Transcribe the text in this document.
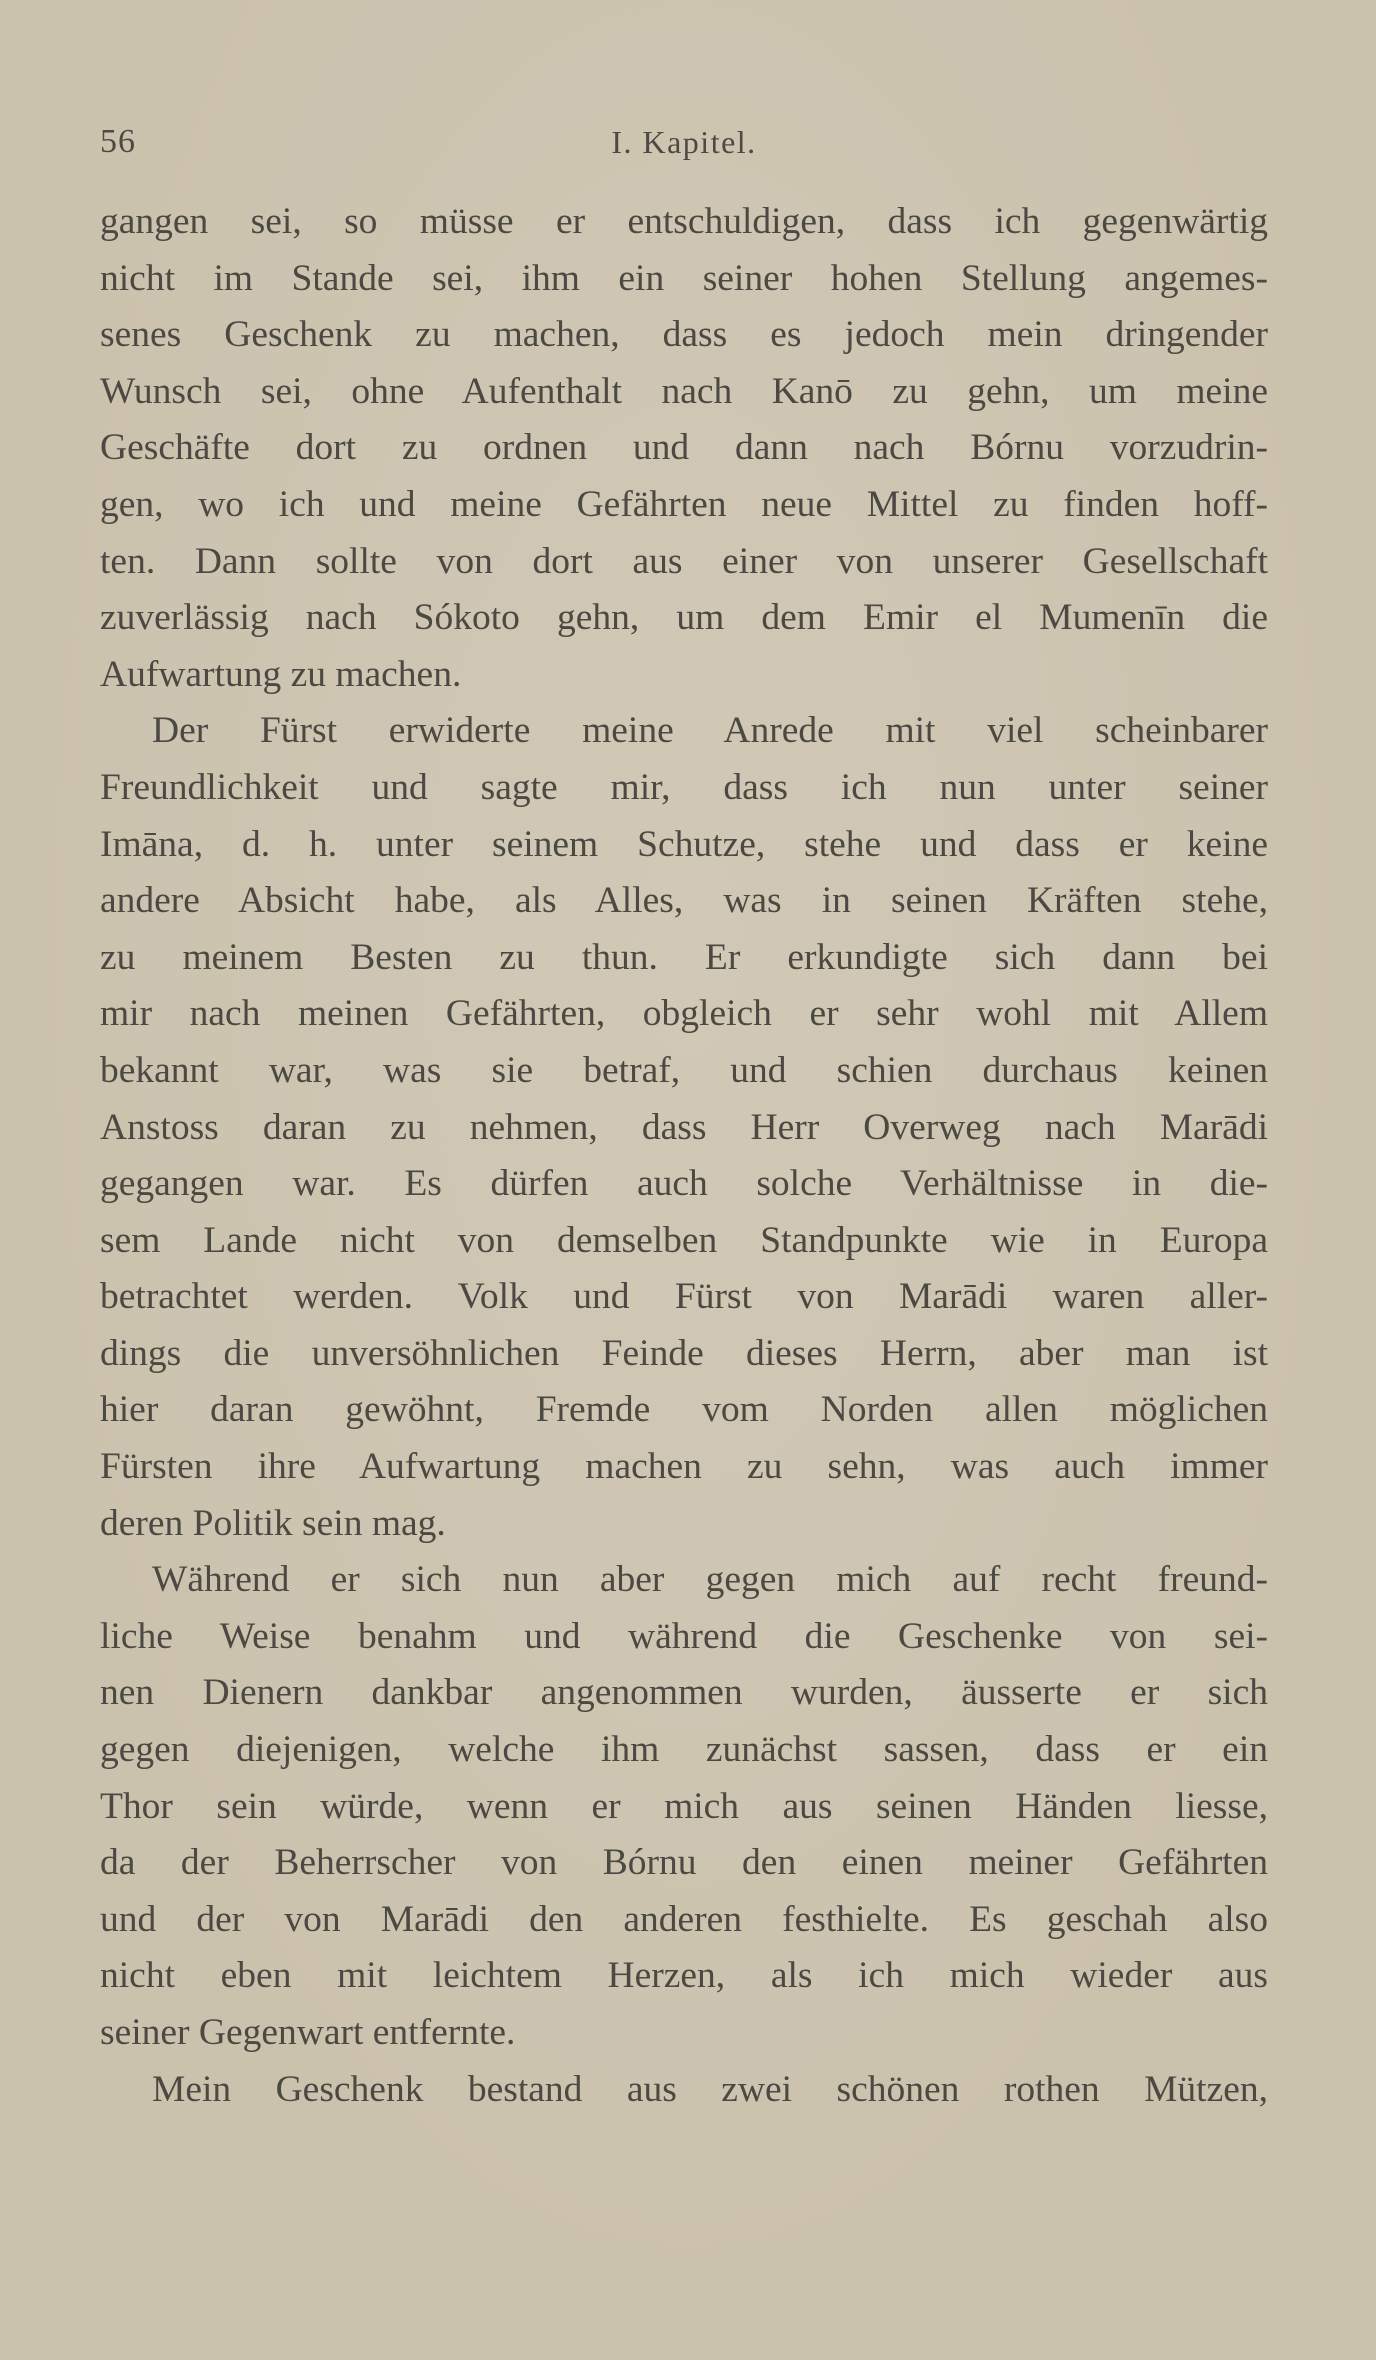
56	I. Kapitel.
gangen sei, so müsse er entschuldigen, dass ich gegenwärtig
nicht im Stande sei, ihm ein seiner hohen Stellung angemes-
senes Geschenk zu machen, dass es jedoch mein dringender
Wunsch sei, ohne Aufenthalt nach Kanō zu gehn, um meine
Geschäfte dort zu ordnen und dann nach Bórnu vorzudrin-
gen, wo ich und meine Gefährten neue Mittel zu finden hoff-
ten. Dann sollte von dort aus einer von unserer Gesellschaft
zuverlässig nach Sókoto gehn, um dem Emir el Mumenīn die
Aufwartung zu machen.
Der Fürst erwiderte meine Anrede mit viel scheinbarer
Freundlichkeit und sagte mir, dass ich nun unter seiner
Imāna, d. h. unter seinem Schutze, stehe und dass er keine
andere Absicht habe, als Alles, was in seinen Kräften stehe,
zu meinem Besten zu thun. Er erkundigte sich dann bei
mir nach meinen Gefährten, obgleich er sehr wohl mit Allem
bekannt war, was sie betraf, und schien durchaus keinen
Anstoss daran zu nehmen, dass Herr Overweg nach Marādi
gegangen war. Es dürfen auch solche Verhältnisse in die-
sem Lande nicht von demselben Standpunkte wie in Europa
betrachtet werden. Volk und Fürst von Marādi waren aller-
dings die unversöhnlichen Feinde dieses Herrn, aber man ist
hier daran gewöhnt, Fremde vom Norden allen möglichen
Fürsten ihre Aufwartung machen zu sehn, was auch immer
deren Politik sein mag.
Während er sich nun aber gegen mich auf recht freund-
liche Weise benahm und während die Geschenke von sei-
nen Dienern dankbar angenommen wurden, äusserte er sich
gegen diejenigen, welche ihm zunächst sassen, dass er ein
Thor sein würde, wenn er mich aus seinen Händen liesse,
da der Beherrscher von Bórnu den einen meiner Gefährten
und der von Marādi den anderen festhielte. Es geschah also
nicht eben mit leichtem Herzen, als ich mich wieder aus
seiner Gegenwart entfernte.
Mein Geschenk bestand aus zwei schönen rothen Mützen,
